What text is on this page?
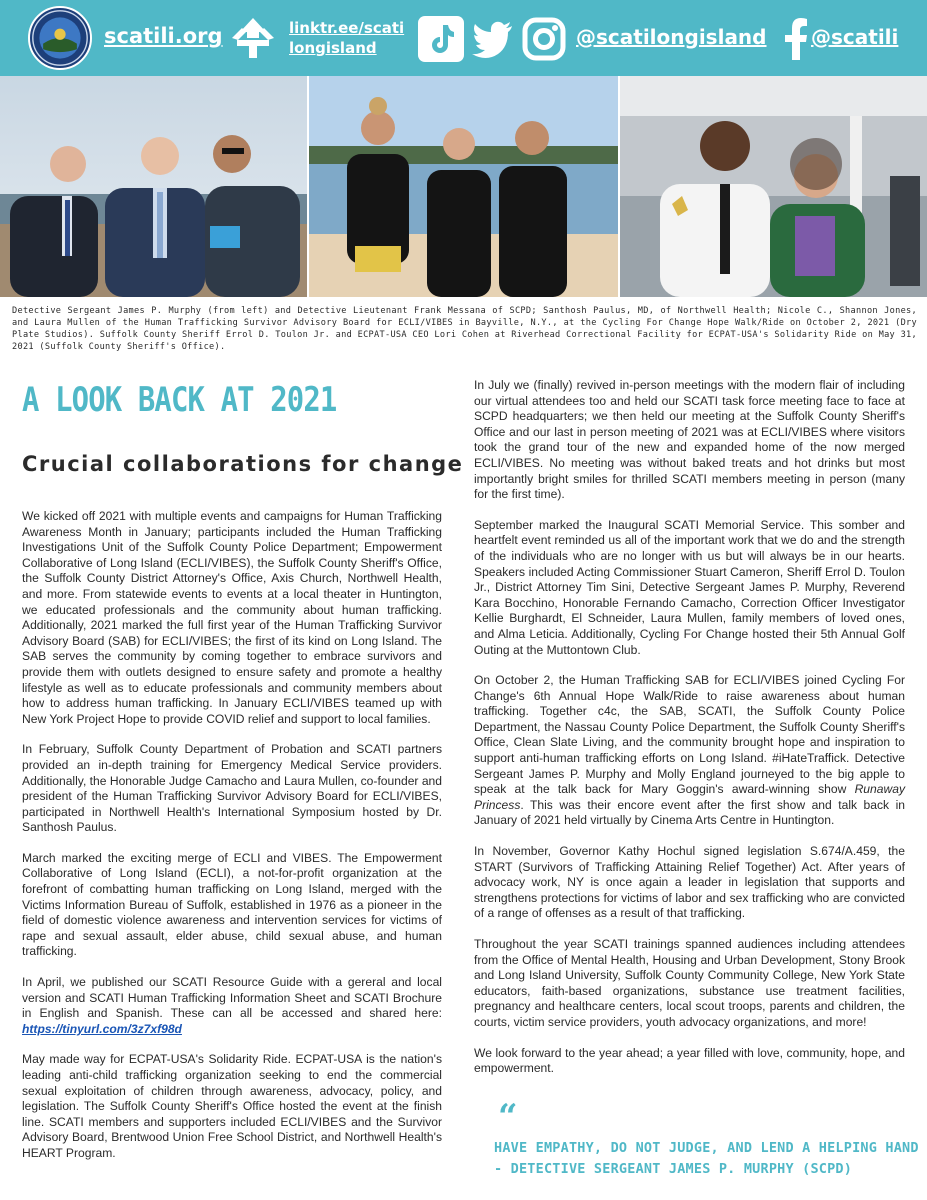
scatili.org	linktr.ee/scati
longisland	@scatilongisland @scatili
Detective Sergeant James P. Murphy (from left) and Detective Lieutenant Frank Messana of SCPD; Santhosh Paulus, MD, of Northwell Health; Nicole C., Shannon Jones, and Laura Mullen of the Human Trafficking Survivor Advisory Board for ECLI/VIBES in Bayville, N.Y., at the Cycling For Change Hope Walk/Ride on October 2, 2021 (Dry Plate Studios). Suffolk County Sheriff Errol D. Toulon Jr. and ECPAT-USA CEO Lori Cohen at Riverhead Correctional Facility for ECPAT-USA's Solidarity Ride on May 31, 2021 (Suffolk County Sheriff's Office).
A LOOK BACK AT 2021
Crucial collaborations for change

We kicked off 2021 with multiple events and campaigns for Human Trafficking Awareness Month in January; participants included the Human Trafficking Investigations Unit of the Suffolk County Police Department; Empowerment Collaborative of Long Island (ECLI/VIBES), the Suffolk County Sheriff's Office, the Suffolk County District Attorney's Office, Axis Church, Northwell Health, and more. From statewide events to events at a local theater in Huntington, we educated professionals and the community about human trafficking. Additionally, 2021 marked the full first year of the Human Trafficking Survivor Advisory Board (SAB) for ECLI/VIBES; the first of its kind on Long Island. The SAB serves the community by coming together to embrace survivors and provide them with outlets designed to ensure safety and promote a healthy lifestyle as well as to educate professionals and community members about how to address human trafficking. In January ECLI/VIBES teamed up with New York Project Hope to provide COVID relief and support to local families.

In February, Suffolk County Department of Probation and SCATI partners provided an in-depth training for Emergency Medical Service providers. Additionally, the Honorable Judge Camacho and Laura Mullen, co-founder and president of the Human Trafficking Survivor Advisory Board for ECLI/VIBES, participated in Northwell Health's International Symposium hosted by Dr. Santhosh Paulus.

March marked the exciting merge of ECLI and VIBES. The Empowerment Collaborative of Long Island (ECLI), a not-for-profit organization at the forefront of combatting human trafficking on Long Island, merged with the Victims Information Bureau of Suffolk, established in 1976 as a pioneer in the field of domestic violence awareness and intervention services for victims of rape and sexual assault, elder abuse, child sexual abuse, and human trafficking.

In April, we published our SCATI Resource Guide with a gereral and local version and SCATI Human Trafficking Information Sheet and SCATI Brochure in English and Spanish. These can all be accessed and shared here: https://tinyurl.com/3z7xf98d

May made way for ECPAT-USA's Solidarity Ride. ECPAT-USA is the nation's leading anti-child trafficking organization seeking to end the commercial sexual exploitation of children through awareness, advocacy, policy, and legislation. The Suffolk County Sheriff's Office hosted the event at the finish line. SCATI members and supporters included ECLI/VIBES and the Survivor Advisory Board, Brentwood Union Free School District, and Northwell Health's HEART Program.

In July we (finally) revived in-person meetings with the modern flair of including our virtual attendees too and held our SCATI task force meeting face to face at SCPD headquarters; we then held our meeting at the Suffolk County Sheriff's Office and our last in person meeting of 2021 was at ECLI/VIBES where visitors took the grand tour of the new and expanded home of the now merged ECLI/VIBES. No meeting was without baked treats and hot drinks but most importantly bright smiles for thrilled SCATI members meeting in person (many for the first time).

September marked the Inaugural SCATI Memorial Service. This somber and heartfelt event reminded us all of the important work that we do and the strength of the individuals who are no longer with us but will always be in our hearts. Speakers included Acting Commissioner Stuart Cameron, Sheriff Errol D. Toulon Jr., District Attorney Tim Sini, Detective Sergeant James P. Murphy, Reverend Kara Bocchino, Honorable Fernando Camacho, Correction Officer Investigator Kellie Burghardt, El Schneider, Laura Mullen, family members of loved ones, and Alma Leticia. Additionally, Cycling For Change hosted their 5th Annual Golf Outing at the Muttontown Club.

On October 2, the Human Trafficking SAB for ECLI/VIBES joined Cycling For Change's 6th Annual Hope Walk/Ride to raise awareness about human trafficking. Together c4c, the SAB, SCATI, the Suffolk County Police Department, the Nassau County Police Department, the Suffolk County Sheriff's Office, Clean Slate Living, and the community brought hope and inspiration to support anti-human trafficking efforts on Long Island. #iHateTraffick. Detective Sergeant James P. Murphy and Molly England journeyed to the big apple to speak at the talk back for Mary Goggin's award-winning show Runaway Princess. This was their encore event after the first show and talk back in January of 2021 held virtually by Cinema Arts Centre in Huntington.

In November, Governor Kathy Hochul signed legislation S.674/A.459, the START (Survivors of Trafficking Attaining Relief Together) Act. After years of advocacy work, NY is once again a leader in legislation that supports and strengthens protections for victims of labor and sex trafficking who are convicted of a range of offenses as a result of that trafficking.

Throughout the year SCATI trainings spanned audiences including attendees from the Office of Mental Health, Housing and Urban Development, Stony Brook and Long Island University, Suffolk County Community College, New York State educators, faith-based organizations, substance use treatment facilities, pregnancy and healthcare centers, local scout troops, parents and children, the courts, victim service providers, youth advocacy organizations, and more!

We look forward to the year ahead; a year filled with love, community, hope, and empowerment.

“
HAVE EMPATHY, DO NOT JUDGE, AND LEND A HELPING HAND
- DETECTIVE SERGEANT JAMES P. MURPHY (SCPD)
